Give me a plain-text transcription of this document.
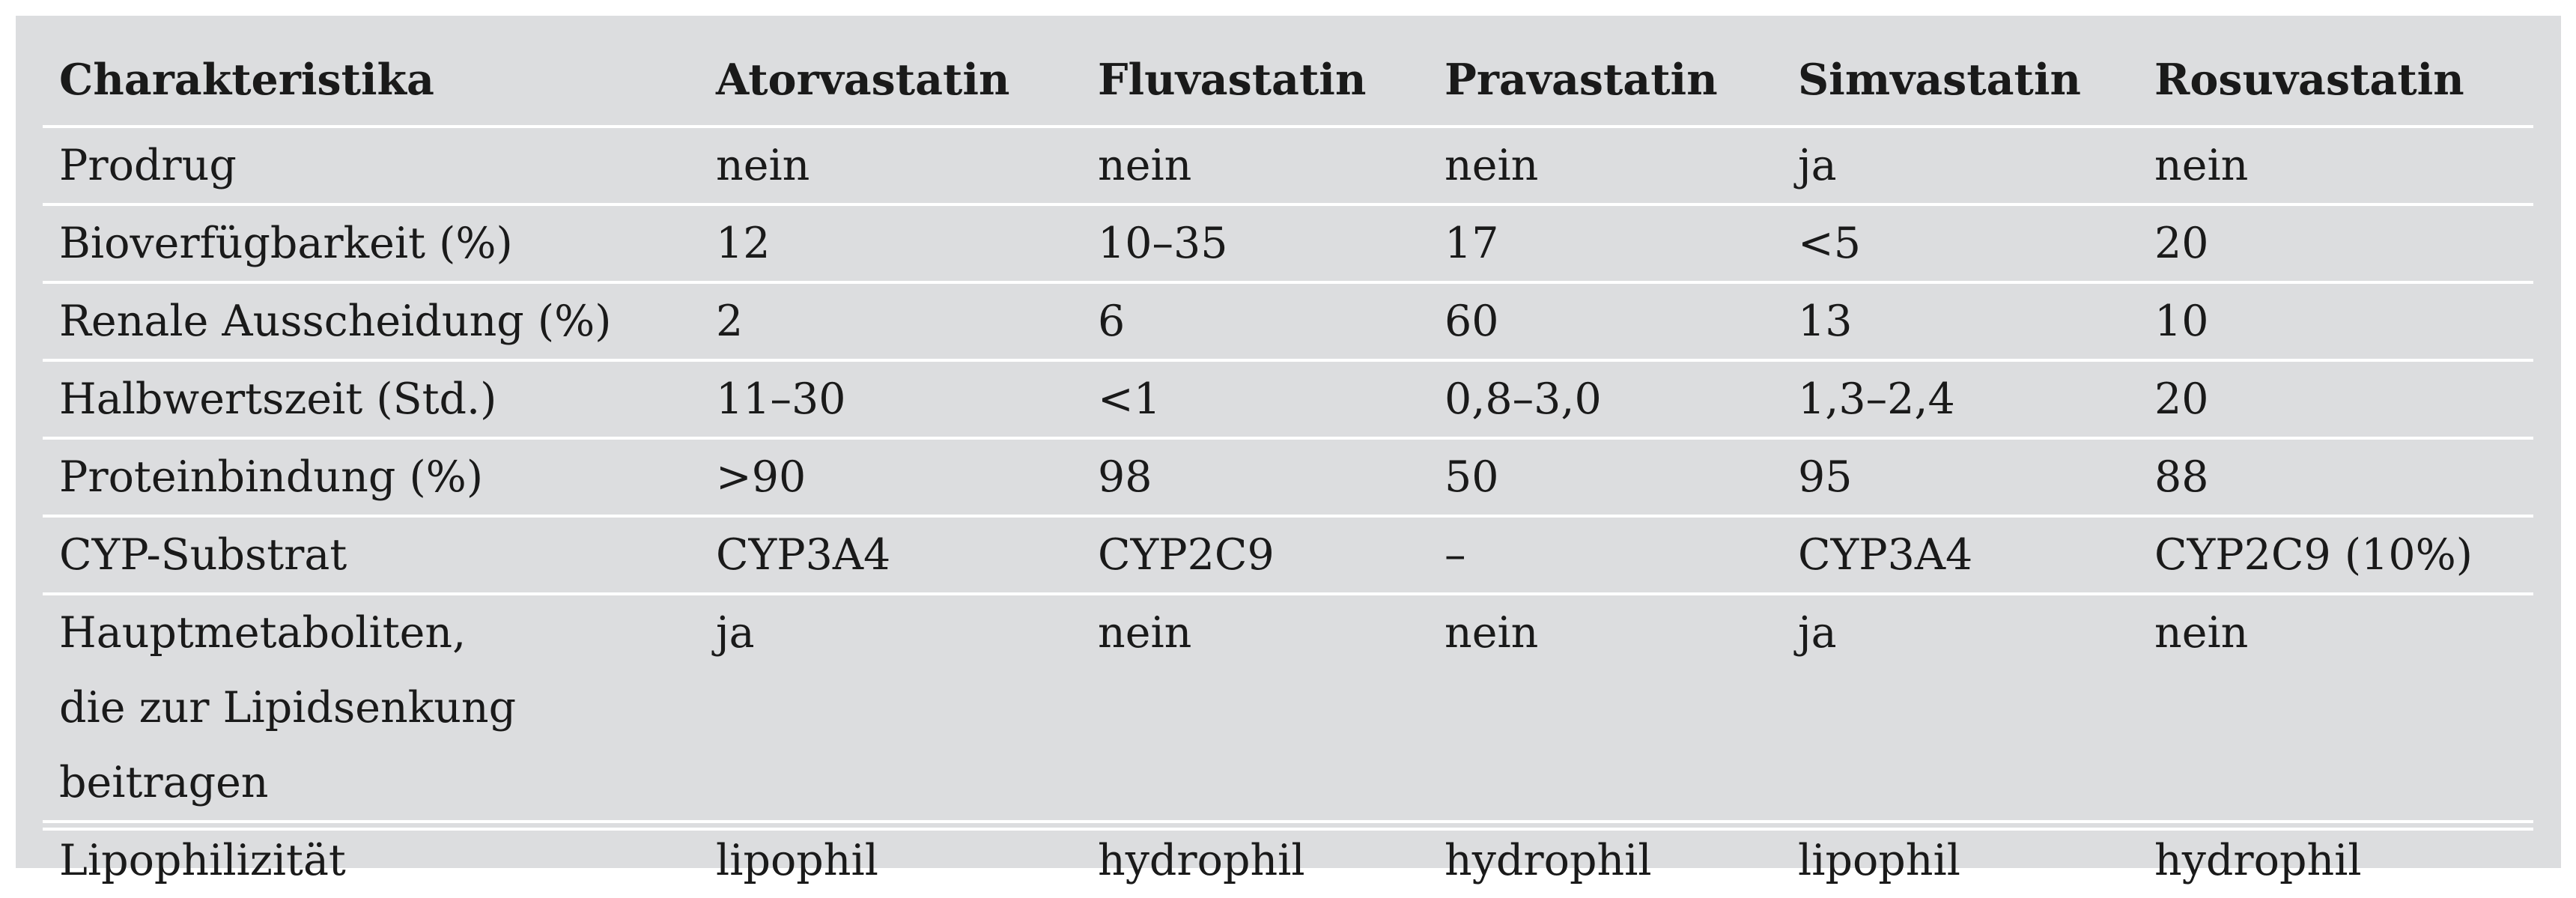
Charakteristika	Atorvastatin	Fluvastatin	Pravastatin	Simvastatin	Rosuvastatin
Prodrug	nein	nein	nein	ja	nein
Bioverfügbarkeit (%)	12	10–35	17	<5	20
Renale Ausscheidung (%)	2	6	60	13	10
Halbwertszeit (Std.)	11–30	<1	0,8–3,0	1,3–2,4	20
Proteinbindung (%)	>90	98	50	95	88
CYP-Substrat	CYP3A4	CYP2C9	–	CYP3A4	CYP2C9 (10%)

Hauptmetaboliten,
die zur Lipidsenkung
beitragen	ja	nein	nein	ja	nein
Lipophilizität	lipophil	hydrophil	hydrophil	lipophil	hydrophil
